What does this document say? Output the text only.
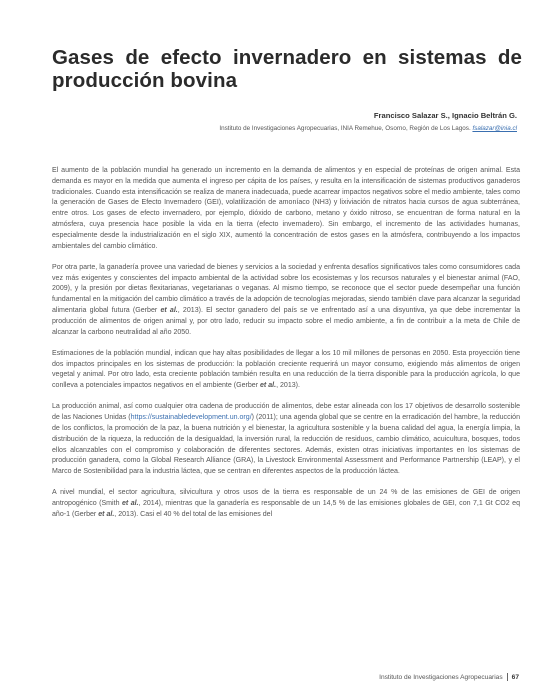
Gases de efecto invernadero en sistemas de producción bovina
Francisco Salazar S., Ignacio Beltrán G.
Instituto de Investigaciones Agropecuarias, INIA Remehue, Osorno, Región de Los Lagos. fsalazar@inia.cl

El aumento de la población mundial ha generado un incremento en la demanda de alimentos y en especial de proteínas de origen animal. Esta demanda es mayor en la medida que aumenta el ingreso per cápita de los países, y resulta en la intensificación de sistemas productivos ganaderos tradicionales. Cuando esta intensificación se realiza de manera inadecuada, puede acarrear impactos negativos sobre el medio ambiente, tales como la generación de Gases de Efecto Invernadero (GEI), volatilización de amoníaco (NH3) y lixiviación de nitratos hacia cursos de agua subterránea, entre otros. Los gases de efecto invernadero, por ejemplo, dióxido de carbono, metano y óxido nitroso, se encuentran de forma natural en la atmósfera, cuya presencia hace posible la vida en la tierra (efecto invernadero). Sin embargo, el incremento de las actividades humanas, especialmente desde la industrialización en el siglo XIX, aumentó la concentración de estos gases en la atmósfera, contribuyendo a los impactos ambientales del cambio climático.

Por otra parte, la ganadería provee una variedad de bienes y servicios a la sociedad y enfrenta desafíos significativos tales como consumidores cada vez más exigentes y conscientes del impacto ambiental de la actividad sobre los ecosistemas y los recursos naturales y el bienestar animal (FAO, 2009), y la presión por dietas flexitarianas, vegetarianas o veganas. Al mismo tiempo, se reconoce que el sector puede desempeñar una función fundamental en la mitigación del cambio climático a través de la adopción de tecnologías mejoradas, siendo también clave para alcanzar la seguridad alimentaria global futura (Gerber et al., 2013). El sector ganadero del país se ve enfrentado así a una disyuntiva, ya que debe incrementar la producción de alimentos de origen animal y, por otro lado, reducir su impacto sobre el medio ambiente, a fin de contribuir a la meta de Chile de alcanzar la carbono neutralidad al año 2050.

Estimaciones de la población mundial, indican que hay altas posibilidades de llegar a los 10 mil millones de personas en 2050. Esta proyección tiene dos impactos principales en los sistemas de producción: la población creciente requerirá un mayor consumo, exigiendo más alimentos de origen vegetal y animal. Por otro lado, esta creciente población también resulta en una reducción de la tierra disponible para la producción agrícola, lo que conlleva a potenciales impactos negativos en el ambiente (Gerber et al., 2013).

La producción animal, así como cualquier otra cadena de producción de alimentos, debe estar alineada con los 17 objetivos de desarrollo sostenible de las Naciones Unidas (https://sustainabledevelopment.un.org/) (2011); una agenda global que se centre en la erradicación del hambre, la reducción de los conflictos, la promoción de la paz, la buena nutrición y el bienestar, la agricultura sostenible y la buena calidad del agua, la energía limpia, la distribución de la riqueza, la reducción de la desigualdad, la inversión rural, la reducción de residuos, cambio climático, acuicultura, bosques, todos ellos alcanzables con el compromiso y colaboración de diferentes sectores. Además, existen otras iniciativas importantes en los sistemas de producción ganadera, como la Global Research Alliance (GRA), la Livestock Environmental Assessment and Performance Partnership (LEAP), y el Marco de Sostenibilidad para la industria láctea, que se centran en diferentes aspectos de la producción láctea.

A nivel mundial, el sector agricultura, silvicultura y otros usos de la tierra es responsable de un 24 % de las emisiones de GEI de origen antropogénico (Smith et al., 2014), mientras que la ganadería es responsable de un 14,5 % de las emisiones globales de GEI, con 7,1 Gt CO2 eq año-1 (Gerber et al., 2013). Casi el 40 % del total de las emisiones del

Instituto de Investigaciones Agropecuarias 67
